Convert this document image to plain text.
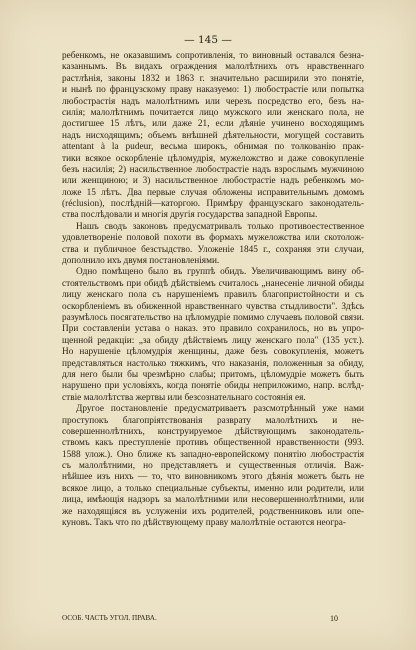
— 145 —
ребенкомъ, не оказавшимъ сопротивленія, то виновный оставался безна-
казаннымъ. Въ видахъ ограждения малолѣтнихъ отъ нравственнаго
растлѣнія, законы 1832 и 1863 г. значительно расширили это понятіе,
и нынѣ по французскому праву наказуемо: 1) любострастіе или попытка
любострастія надъ малолѣтнимъ или черезъ посредство его, безъ на-
силія; малолѣтнимъ почитается лицо мужского или женскаго пола, не
достигшее 15 лѣтъ, или даже 21, если дѣяніе учинено восходящимъ
надъ нисходящимъ; объемъ внѣшней дѣятельности, могущей составить
attentant à la pudeur, весьма широкъ, обнимая по толкованію прак-
тики всякое оскорбленіе цѣломудрія, мужеложство и даже совокупленіе
безъ насилія; 2) насильственное любострастіе надъ взрослымъ мужчиною
или женщиною; и 3) насильственное любострастіе надъ ребенкомъ мо-
ложе 15 лѣтъ. Два первые случая обложены исправительнымъ домомъ
(réclusion), послѣдній—каторгою. Примѣру французскаго законодатель-
ства послѣдовали и многія другія государства западной Европы.
Нашъ сводъ законовъ предусматривалъ только противоестественное
удовлетвореніе половой похоти въ формахъ мужеложства или скотолож-
ства и публичное безстыдство. Уложеніе 1845 г., сохраняя эти случаи,
дополнило ихъ двумя постановленіями.
Одно помѣщено было въ группѣ обидъ. Увеличивающимъ вину об-
стоятельствомъ при обидѣ дѣйствіемъ считалось „нанесеніе личной обиды
лицу женскаго пола съ нарушеніемъ правилъ благопристойности и съ
оскорбленіемъ въ обиженной нравственнаго чувства стыдливости". Здѣсь
разумѣлось посягательство на цѣломудріе помимо случаевъ половой связи.
При составленіи устава о наказ. это правило сохранилось, но въ упро-
щенной редакціи: „за обиду дѣйствіемъ лицу женскаго пола" (135 уст.).
Но нарушеніе цѣломудрія женщины, даже безъ совокупленія, можетъ
представляться настолько тяжкимъ, что наказанія, положенныя за обиду,
для него были бы чрезмѣрно слабы; притомъ, цѣломудріе можетъ быть
нарушено при условіяхъ, когда понятіе обиды неприложимо, напр. вслѣд-
ствіе малолѣтства жертвы или безсознательнаго состоянія ея.
Другое постановленіе предусматриваетъ разсмотрѣнный уже нами
проступокъ благопріятствованія разврату малолѣтнихъ и не-
совершеннолѣтнихъ, конструируемое дѣйствующимъ законодатель-
ствомъ какъ преступленіе противъ общественной нравственности (993.
1588 улож.). Оно ближе къ западно-европейскому понятію любострастія
съ малолѣтними, но представляетъ и существенныя отличія. Важ-
нѣйшее изъ нихъ — то, что виновникомъ этого дѣянія можетъ быть не
всякое лицо, а только специальные субъекты, именно или родители, или
лица, имѣющія надзоръ за малолѣтними или несовершеннолѣтними, или
же находящіяся въ услуженіи ихъ родителей, родственниковъ или опе-
куновъ. Такъ что по дѣйствующему праву малолѣтніе остаются неогра-
ОСОБ. ЧАСТЬ УГОЛ. ПРАВА.	10
